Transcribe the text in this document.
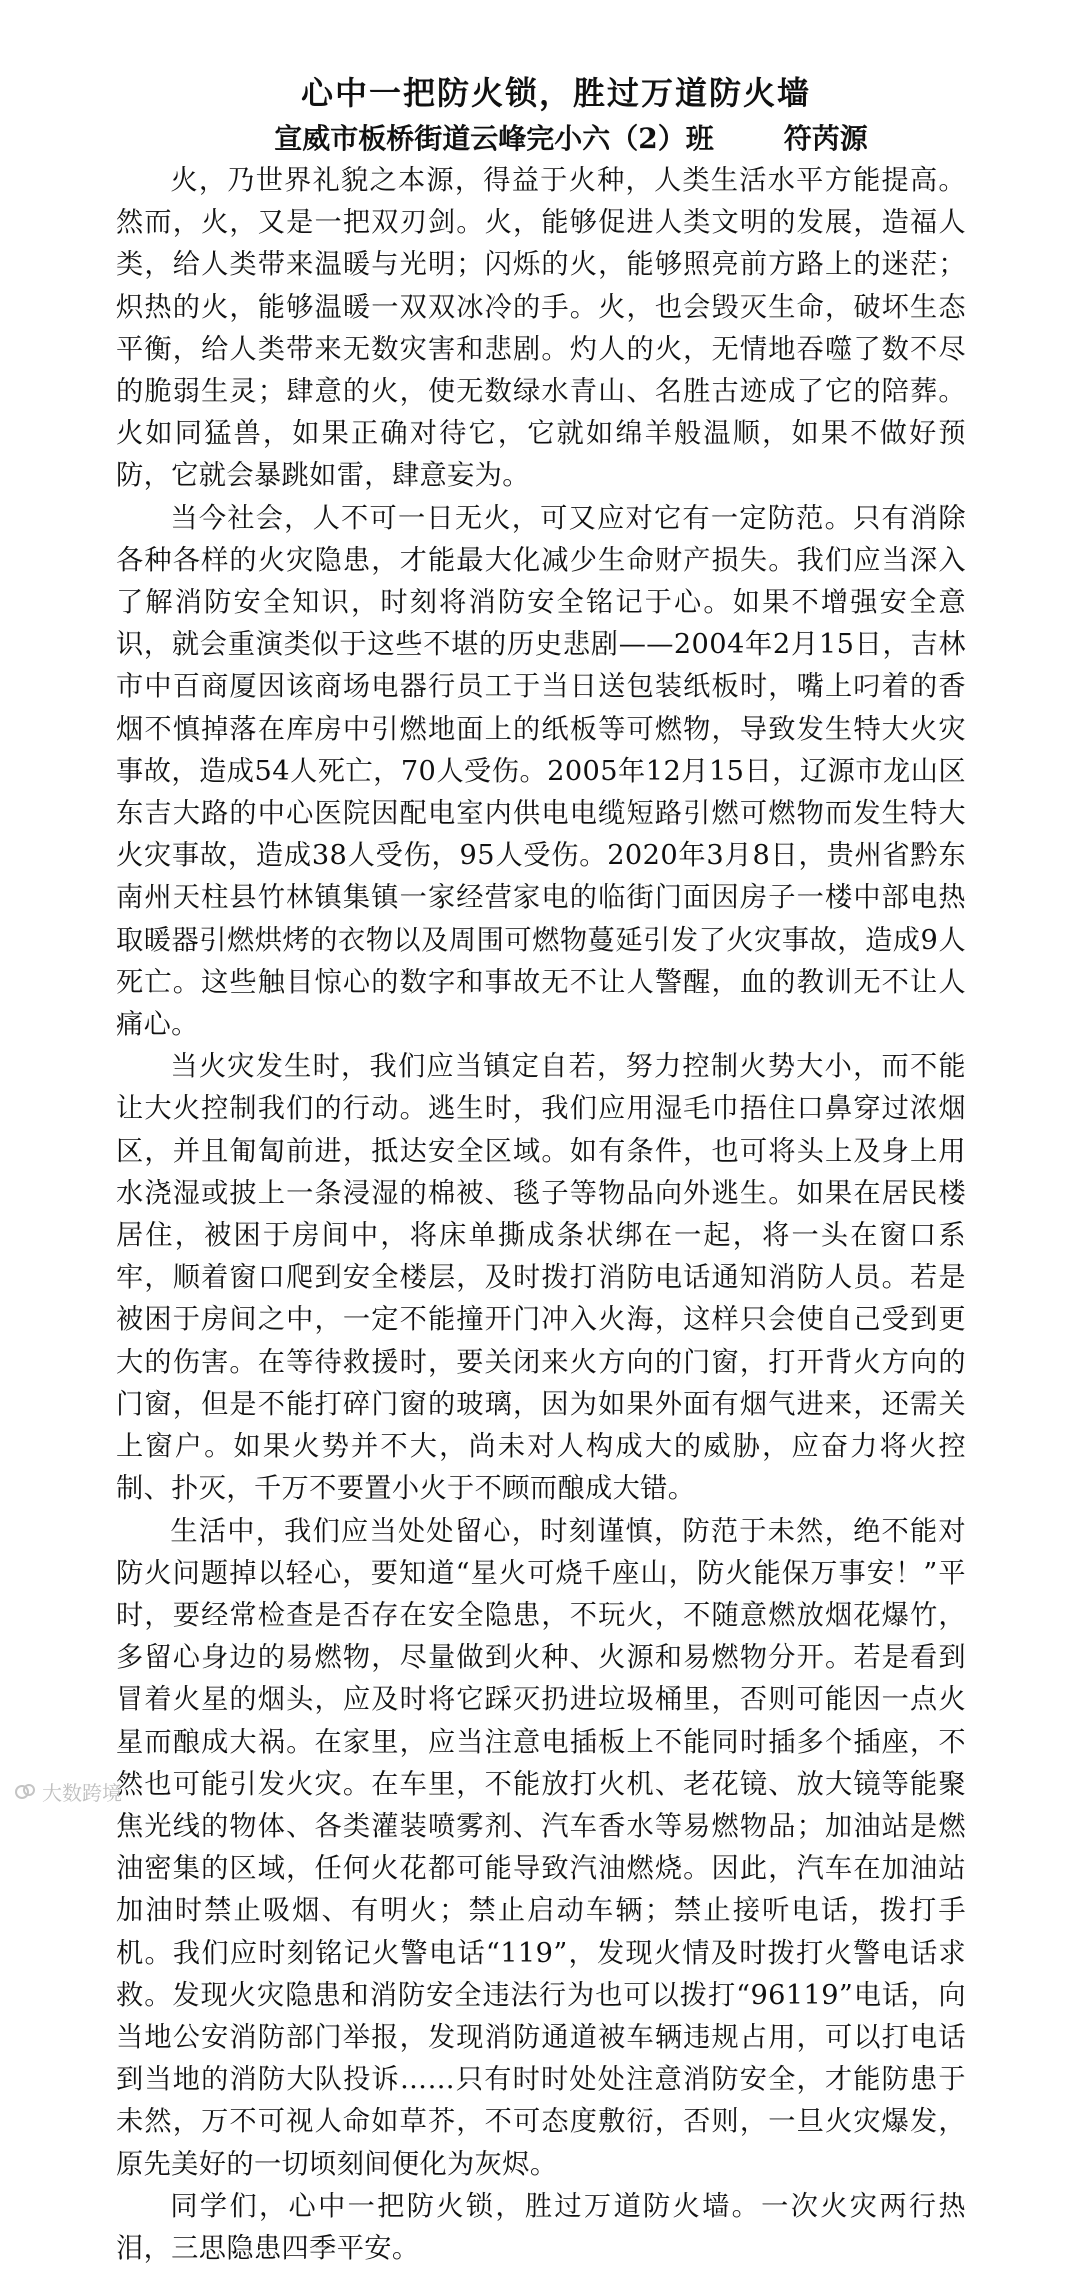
心中一把防火锁，胜过万道防火墙
宣威市板桥街道云峰完小六（2）班	符芮源

火，乃世界礼貌之本源，得益于火种，人类生活水平方能提高。然而，火，又是一把双刃剑。火，能够促进人类文明的发展，造福人类，给人类带来温暖与光明；闪烁的火，能够照亮前方路上的迷茫；炽热的火，能够温暖一双双冰冷的手。火，也会毁灭生命，破坏生态平衡，给人类带来无数灾害和悲剧。灼人的火，无情地吞噬了数不尽的脆弱生灵；肆意的火，使无数绿水青山、名胜古迹成了它的陪葬。火如同猛兽，如果正确对待它，它就如绵羊般温顺，如果不做好预防，它就会暴跳如雷，肆意妄为。

当今社会，人不可一日无火，可又应对它有一定防范。只有消除各种各样的火灾隐患，才能最大化减少生命财产损失。我们应当深入了解消防安全知识，时刻将消防安全铭记于心。如果不增强安全意识，就会重演类似于这些不堪的历史悲剧——2004年2月15日，吉林市中百商厦因该商场电器行员工于当日送包装纸板时，嘴上叼着的香烟不慎掉落在库房中引燃地面上的纸板等可燃物，导致发生特大火灾事故，造成54人死亡，70人受伤。2005年12月15日，辽源市龙山区东吉大路的中心医院因配电室内供电电缆短路引燃可燃物而发生特大火灾事故，造成38人受伤，95人受伤。2020年3月8日，贵州省黔东南州天柱县竹林镇集镇一家经营家电的临街门面因房子一楼中部电热取暖器引燃烘烤的衣物以及周围可燃物蔓延引发了火灾事故，造成9人死亡。这些触目惊心的数字和事故无不让人警醒，血的教训无不让人痛心。

当火灾发生时，我们应当镇定自若，努力控制火势大小，而不能让大火控制我们的行动。逃生时，我们应用湿毛巾捂住口鼻穿过浓烟区，并且匍匐前进，抵达安全区域。如有条件，也可将头上及身上用水浇湿或披上一条浸湿的棉被、毯子等物品向外逃生。如果在居民楼居住，被困于房间中，将床单撕成条状绑在一起，将一头在窗口系牢，顺着窗口爬到安全楼层，及时拨打消防电话通知消防人员。若是被困于房间之中，一定不能撞开门冲入火海，这样只会使自己受到更大的伤害。在等待救援时，要关闭来火方向的门窗，打开背火方向的门窗，但是不能打碎门窗的玻璃，因为如果外面有烟气进来，还需关上窗户。如果火势并不大，尚未对人构成大的威胁，应奋力将火控制、扑灭，千万不要置小火于不顾而酿成大错。

生活中，我们应当处处留心，时刻谨慎，防范于未然，绝不能对防火问题掉以轻心，要知道“星火可烧千座山，防火能保万事安！”平时，要经常检查是否存在安全隐患，不玩火，不随意燃放烟花爆竹，多留心身边的易燃物，尽量做到火种、火源和易燃物分开。若是看到冒着火星的烟头，应及时将它踩灭扔进垃圾桶里，否则可能因一点火星而酿成大祸。在家里，应当注意电插板上不能同时插多个插座，不然也可能引发火灾。在车里，不能放打火机、老花镜、放大镜等能聚焦光线的物体、各类灌装喷雾剂、汽车香水等易燃物品；加油站是燃油密集的区域，任何火花都可能导致汽油燃烧。因此，汽车在加油站加油时禁止吸烟、有明火；禁止启动车辆；禁止接听电话，拨打手机。我们应时刻铭记火警电话“119”，发现火情及时拨打火警电话求救。发现火灾隐患和消防安全违法行为也可以拨打“96119”电话，向当地公安消防部门举报，发现消防通道被车辆违规占用，可以打电话到当地的消防大队投诉……只有时时处处注意消防安全，才能防患于未然，万不可视人命如草芥，不可态度敷衍，否则，一旦火灾爆发，原先美好的一切顷刻间便化为灰烬。

同学们，心中一把防火锁，胜过万道防火墙。一次火灾两行热泪，三思隐患四季平安。

大数跨境
